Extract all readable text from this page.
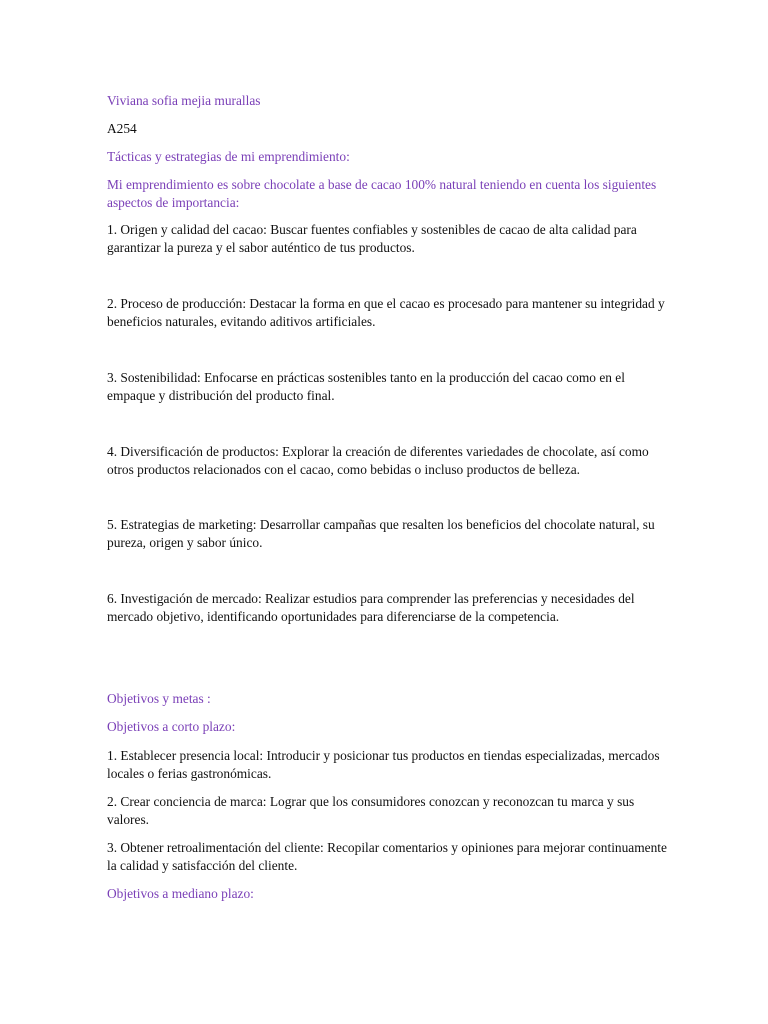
Viviana sofia mejia murallas

A254

Tácticas y estrategias de mi emprendimiento:

Mi emprendimiento es sobre chocolate a base de cacao 100% natural teniendo en cuenta los siguientes aspectos de importancia:

1. Origen y calidad del cacao: Buscar fuentes confiables y sostenibles de cacao de alta calidad para garantizar la pureza y el sabor auténtico de tus productos.

2. Proceso de producción: Destacar la forma en que el cacao es procesado para mantener su integridad y beneficios naturales, evitando aditivos artificiales.

3. Sostenibilidad: Enfocarse en prácticas sostenibles tanto en la producción del cacao como en el empaque y distribución del producto final.

4. Diversificación de productos: Explorar la creación de diferentes variedades de chocolate, así como otros productos relacionados con el cacao, como bebidas o incluso productos de belleza.

5. Estrategias de marketing: Desarrollar campañas que resalten los beneficios del chocolate natural, su pureza, origen y sabor único.

6. Investigación de mercado: Realizar estudios para comprender las preferencias y necesidades del mercado objetivo, identificando oportunidades para diferenciarse de la competencia.

Objetivos y metas :

Objetivos a corto plazo:

1. Establecer presencia local: Introducir y posicionar tus productos en tiendas especializadas, mercados locales o ferias gastronómicas.

2. Crear conciencia de marca: Lograr que los consumidores conozcan y reconozcan tu marca y sus valores.

3. Obtener retroalimentación del cliente: Recopilar comentarios y opiniones para mejorar continuamente la calidad y satisfacción del cliente.

Objetivos a mediano plazo:
